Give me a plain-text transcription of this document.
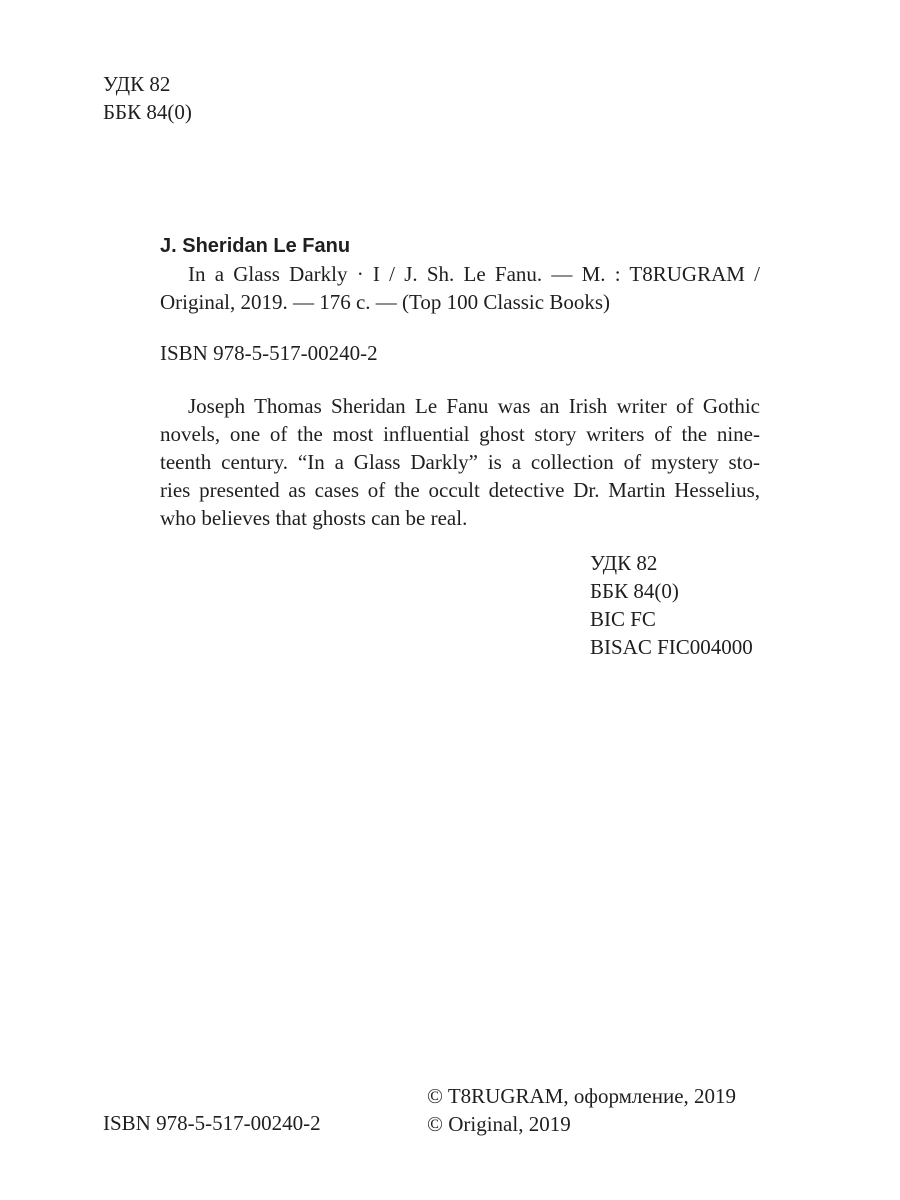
УДК 82
ББК 84(0)
J. Sheridan Le Fanu
In a Glass Darkly · I / J. Sh. Le Fanu. — M. : T8RUGRAM /
Original, 2019. — 176 c. — (Top 100 Classic Books)
ISBN 978-5-517-00240-2
Joseph Thomas Sheridan Le Fanu was an Irish writer of Gothic
novels, one of the most influential ghost story writers of the nine-
teenth century. “In a Glass Darkly” is a collection of mystery sto-
ries presented as cases of the occult detective Dr. Martin Hesselius,
who believes that ghosts can be real.
УДК 82
ББК 84(0)
BIC FC
BISAC FIC004000
ISBN 978-5-517-00240-2
© T8RUGRAM, оформление, 2019
© Original, 2019
